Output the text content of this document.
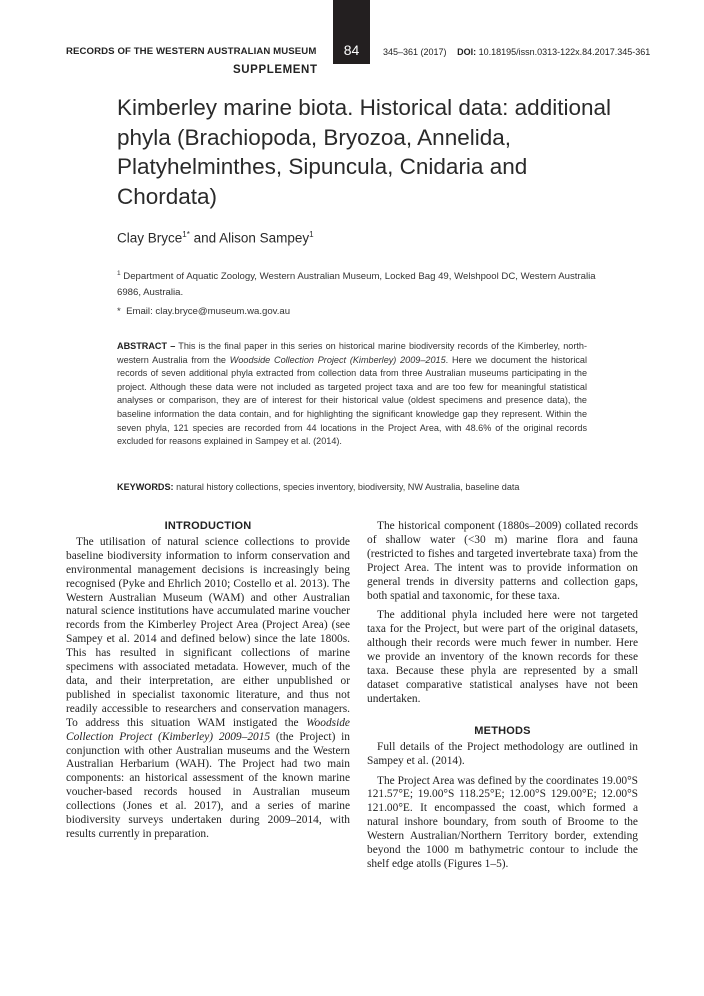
RECORDS OF THE WESTERN AUSTRALIAN MUSEUM
SUPPLEMENT
84	345–361 (2017) DOI: 10.18195/issn.0313-122x.84.2017.345-361
Kimberley marine biota. Historical data: additional phyla (Brachiopoda, Bryozoa, Annelida, Platyhelminthes, Sipuncula, Cnidaria and Chordata)
Clay Bryce$^{1*}$ and Alison Sampey$^1$
$^1$ Department of Aquatic Zoology, Western Australian Museum, Locked Bag 49, Welshpool DC, Western Australia 6986, Australia.
* Email: clay.bryce@museum.wa.gov.au

ABSTRACT – This is the final paper in this series on historical marine biodiversity records of the Kimberley, north-western Australia from the Woodside Collection Project (Kimberley) 2009–2015. Here we document the historical records of seven additional phyla extracted from collection data from three Australian museums participating in the project. Although these data were not included as targeted project taxa and are too few for meaningful statistical analyses or comparison, they are of interest for their historical value (oldest specimens and presence data), the baseline information the data contain, and for highlighting the significant knowledge gap they represent. Within the seven phyla, 121 species are recorded from 44 locations in the Project Area, with 48.6% of the original records excluded for reasons explained in Sampey et al. (2014).

KEYWORDS: natural history collections, species inventory, biodiversity, NW Australia, baseline data
INTRODUCTION

The utilisation of natural science collections to provide baseline biodiversity information to inform conservation and environmental management decisions is increasingly being recognised (Pyke and Ehrlich 2010; Costello et al. 2013). The Western Australian Museum (WAM) and other Australian natural science institutions have accumulated marine voucher records from the Kimberley Project Area (Project Area) (see Sampey et al. 2014 and defined below) since the late 1800s. This has resulted in significant collections of marine specimens with associated metadata. However, much of the data, and their interpretation, are either unpublished or published in specialist taxonomic literature, and thus not readily accessible to researchers and conservation managers. To address this situation WAM instigated the Woodside Collection Project (Kimberley) 2009–2015 (the Project) in conjunction with other Australian museums and the Western Australian Herbarium (WAH). The Project had two main components: an historical assessment of the known marine voucher-based records housed in Australian museum collections (Jones et al. 2017), and a series of marine biodiversity surveys undertaken during 2009–2014, with results currently in preparation.

The historical component (1880s–2009) collated records of shallow water (<30 m) marine flora and fauna (restricted to fishes and targeted invertebrate taxa) from the Project Area. The intent was to provide information on general trends in diversity patterns and collection gaps, both spatial and taxonomic, for these taxa.

The additional phyla included here were not targeted taxa for the Project, but were part of the original datasets, although their records were much fewer in number. Here we provide an inventory of the known records for these taxa. Because these phyla are represented by a small dataset comparative statistical analyses have not been undertaken.

METHODS

Full details of the Project methodology are outlined in Sampey et al. (2014).

The Project Area was defined by the coordinates 19.00°S 121.57°E; 19.00°S 118.25°E; 12.00°S 129.00°E; 12.00°S 121.00°E. It encompassed the coast, which formed a natural inshore boundary, from south of Broome to the Western Australian/Northern Territory border, extending beyond the 1000 m bathymetric contour to include the shelf edge atolls (Figures 1–5).
